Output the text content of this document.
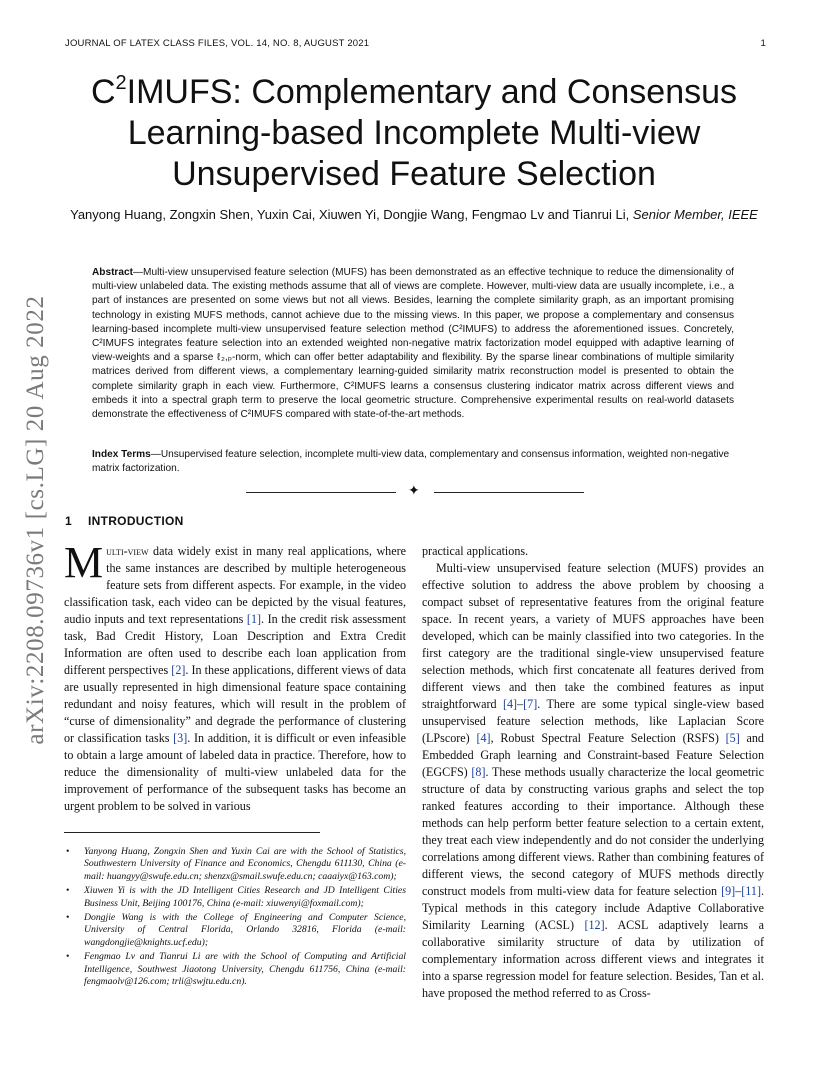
JOURNAL OF LATEX CLASS FILES, VOL. 14, NO. 8, AUGUST 2021	1
arXiv:2208.09736v1 [cs.LG] 20 Aug 2022
$C^2IMUFS$: Complementary and Consensus Learning-based Incomplete Multi-view Unsupervised Feature Selection
Yanyong Huang, Zongxin Shen, Yuxin Cai, Xiuwen Yi, Dongjie Wang, Fengmao Lv and Tianrui Li, Senior Member, IEEE
Abstract—Multi-view unsupervised feature selection (MUFS) has been demonstrated as an effective technique to reduce the dimensionality of multi-view unlabeled data. The existing methods assume that all of views are complete. However, multi-view data are usually incomplete, i.e., a part of instances are presented on some views but not all views. Besides, learning the complete similarity graph, as an important promising technology in existing MUFS methods, cannot achieve due to the missing views. In this paper, we propose a complementary and consensus learning-based incomplete multi-view unsupervised feature selection method (C²IMUFS) to address the aforementioned issues. Concretely, C²IMUFS integrates feature selection into an extended weighted non-negative matrix factorization model equipped with adaptive learning of view-weights and a sparse ℓ₂,ₚ-norm, which can offer better adaptability and flexibility. By the sparse linear combinations of multiple similarity matrices derived from different views, a complementary learning-guided similarity matrix reconstruction model is presented to obtain the complete similarity graph in each view. Furthermore, C²IMUFS learns a consensus clustering indicator matrix across different views and embeds it into a spectral graph term to preserve the local geometric structure. Comprehensive experimental results on real-world datasets demonstrate the effectiveness of C²IMUFS compared with state-of-the-art methods.
Index Terms—Unsupervised feature selection, incomplete multi-view data, complementary and consensus information, weighted non-negative matrix factorization.
✦
1 INTRODUCTION

Multi-view data widely exist in many real applications, where the same instances are described by multiple heterogeneous feature sets from different aspects. For example, in the video classification task, each video can be depicted by the visual features, audio inputs and text representations [1]. In the credit risk assessment task, Bad Credit History, Loan Description and Extra Credit Information are often used to describe each loan application from different perspectives [2]. In these applications, different views of data are usually represented in high dimensional feature space containing redundant and noisy features, which will result in the problem of “curse of dimensionality” and degrade the performance of clustering or classification tasks [3]. In addition, it is difficult or even infeasible to obtain a large amount of labeled data in practice. Therefore, how to reduce the dimensionality of multi-view unlabeled data for the improvement of performance of the subsequent tasks has become an urgent problem to be solved in various

practical applications.

Multi-view unsupervised feature selection (MUFS) provides an effective solution to address the above problem by choosing a compact subset of representative features from the original feature space. In recent years, a variety of MUFS approaches have been developed, which can be mainly classified into two categories. In the first category are the traditional single-view unsupervised feature selection methods, which first concatenate all features derived from different views and then take the combined features as input straightforward [4]–[7]. There are some typical single-view based unsupervised feature selection methods, like Laplacian Score (LPscore) [4], Robust Spectral Feature Selection (RSFS) [5] and Embedded Graph learning and Constraint-based Feature Selection (EGCFS) [8]. These methods usually characterize the local geometric structure of data by constructing various graphs and select the top ranked features according to their importance. Although these methods can help perform better feature selection to a certain extent, they treat each view independently and do not consider the underlying correlations among different views. Rather than combining features of different views, the second category of MUFS methods directly construct models from multi-view data for feature selection [9]–[11]. Typical methods in this category include Adaptive Collaborative Similarity Learning (ACSL) [12]. ACSL adaptively learns a collaborative similarity structure of data by utilization of complementary information across different views and integrates it into a sparse regression model for feature selection. Besides, Tan et al. have proposed the method referred to as Cross-

• Yanyong Huang, Zongxin Shen and Yuxin Cai are with the School of Statistics, Southwestern University of Finance and Economics, Chengdu 611130, China (e-mail: huangyy@swufe.edu.cn; shenzx@smail.swufe.edu.cn; caaaiyx@163.com);
• Xiuwen Yi is with the JD Intelligent Cities Research and JD Intelligent Cities Business Unit, Beijing 100176, China (e-mail: xiuwenyi@foxmail.com);
• Dongjie Wang is with the College of Engineering and Computer Science, University of Central Florida, Orlando 32816, Florida (e-mail: wangdongjie@knights.ucf.edu);
• Fengmao Lv and Tianrui Li are with the School of Computing and Artificial Intelligence, Southwest Jiaotong University, Chengdu 611756, China (e-mail: fengmaolv@126.com; trli@swjtu.edu.cn).
